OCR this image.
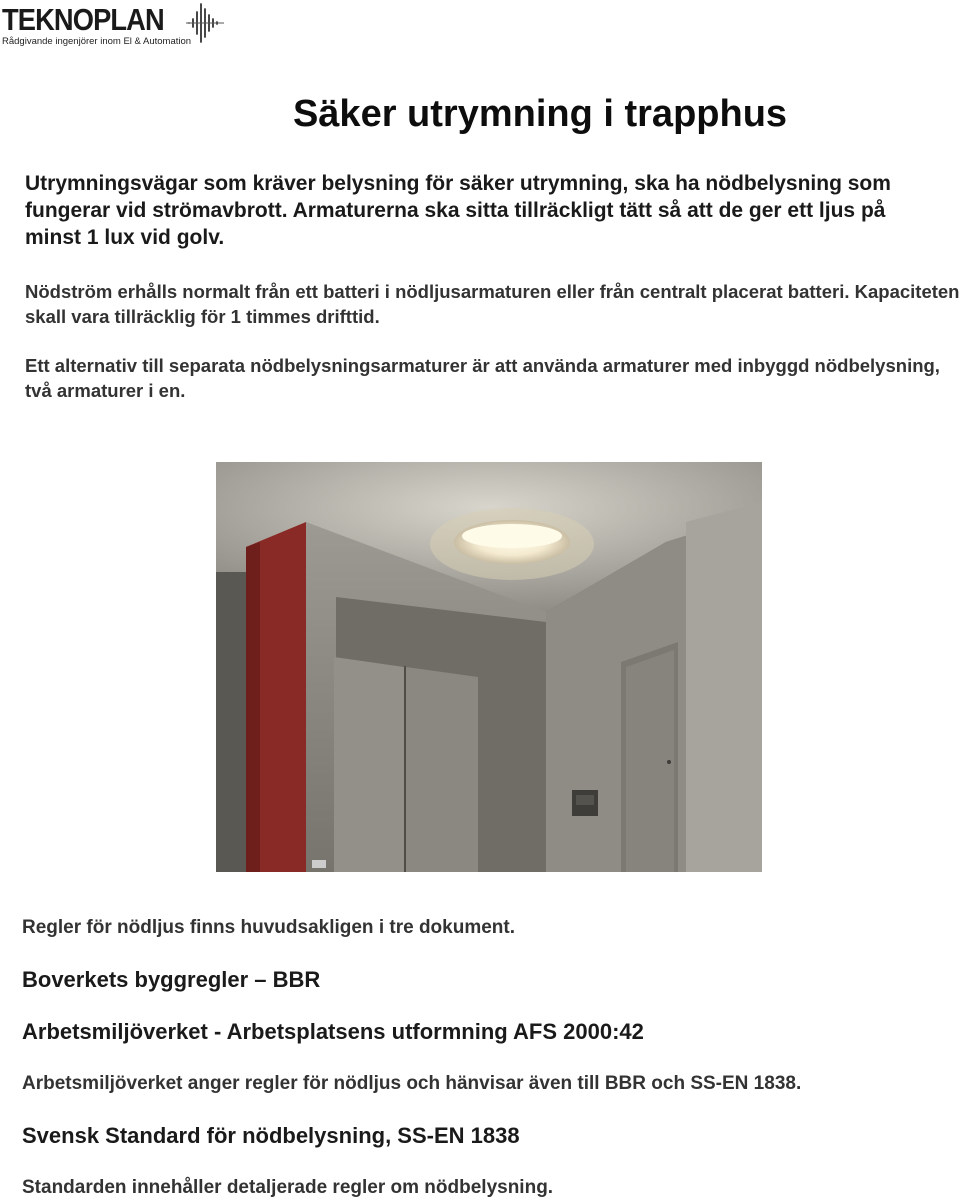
TEKNOPLAN
Rådgivande ingenjörer inom El & Automation
Säker utrymning i trapphus

Utrymningsvägar som kräver belysning för säker utrymning, ska ha nödbelysning som fungerar vid strömavbrott. Armaturerna ska sitta tillräckligt tätt så att de ger ett ljus på minst 1 lux vid golv.

Nödström erhålls normalt från ett batteri i nödljusarmaturen eller från centralt placerat batteri. Kapaciteten skall vara tillräcklig för 1 timmes drifttid.

Ett alternativ till separata nödbelysningsarmaturer är att använda armaturer med inbyggd nödbelysning, två armaturer i en.

Regler för nödljus finns huvudsakligen i tre dokument.

Boverkets byggregler – BBR

Arbetsmiljöverket - Arbetsplatsens utformning AFS 2000:42

Arbetsmiljöverket anger regler för nödljus och hänvisar även till BBR och SS-EN 1838.

Svensk Standard för nödbelysning, SS-EN 1838

Standarden innehåller detaljerade regler om nödbelysning.
